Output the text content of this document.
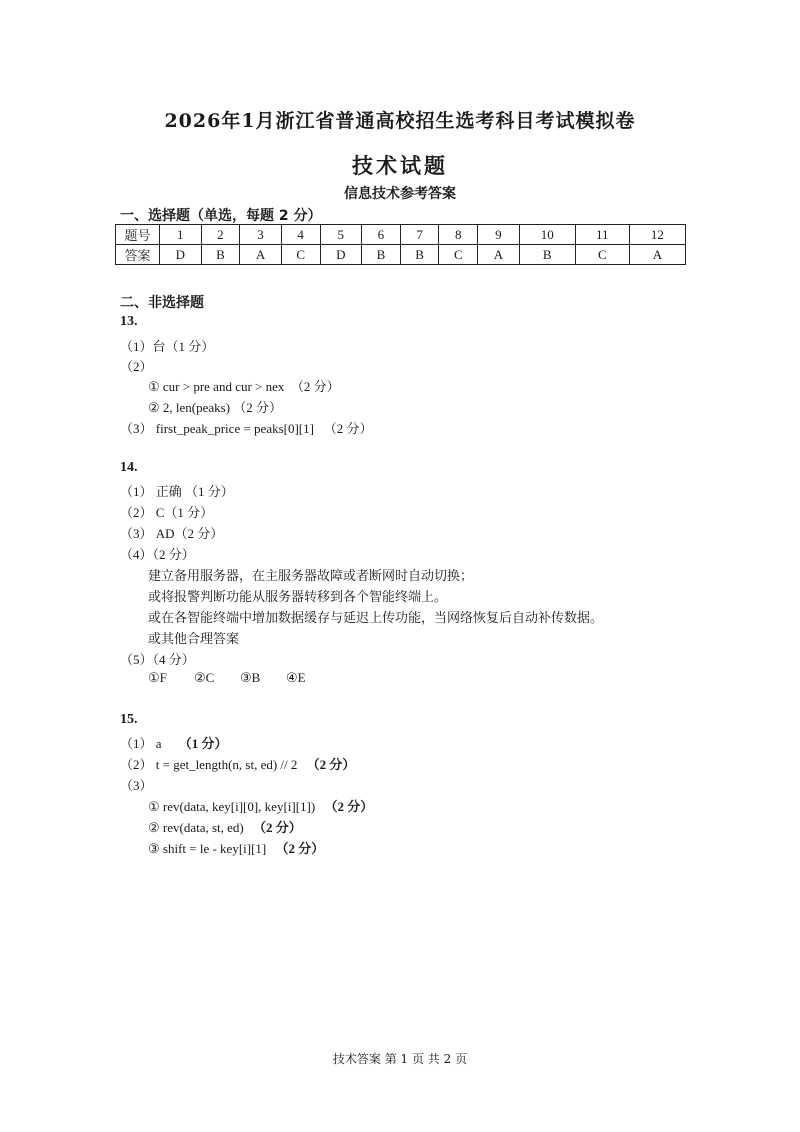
2026年1月浙江省普通高校招生选考科目考试模拟卷
技术试题
信息技术参考答案
一、选择题（单选，每题 2 分）
题号	1	2	3	4	5	6	7	8	9	10	11	12
答案	D	B	A	C	D	B	B	C	A	B	C	A
二、非选择题
13.
（1）台（1 分）
（2）
① cur > pre and cur > nex　（2 分）
② 2, len(peaks) （2 分）
（3） first_peak_price = peaks[0][1] 　（2 分）
14.
（1） 正确 （1 分）
（2） C（1 分）
（3） AD（2 分）
（4）（2 分）
建立备用服务器，在主服务器故障或者断网时自动切换；
或将报警判断功能从服务器转移到各个智能终端上。
或在各智能终端中增加数据缓存与延迟上传功能，当网络恢复后自动补传数据。
或其他合理答案
（5）（4 分）
①F ②C ③B ④E
15.
（1） a （1 分）
（2） t = get_length(n, st, ed) // 2 （2 分）
（3）
① rev(data, key[i][0], key[i][1]) （2 分）
② rev(data, st, ed) （2 分）
③ shift = le - key[i][1] （2 分）
技术答案 第 1 页 共 2 页
